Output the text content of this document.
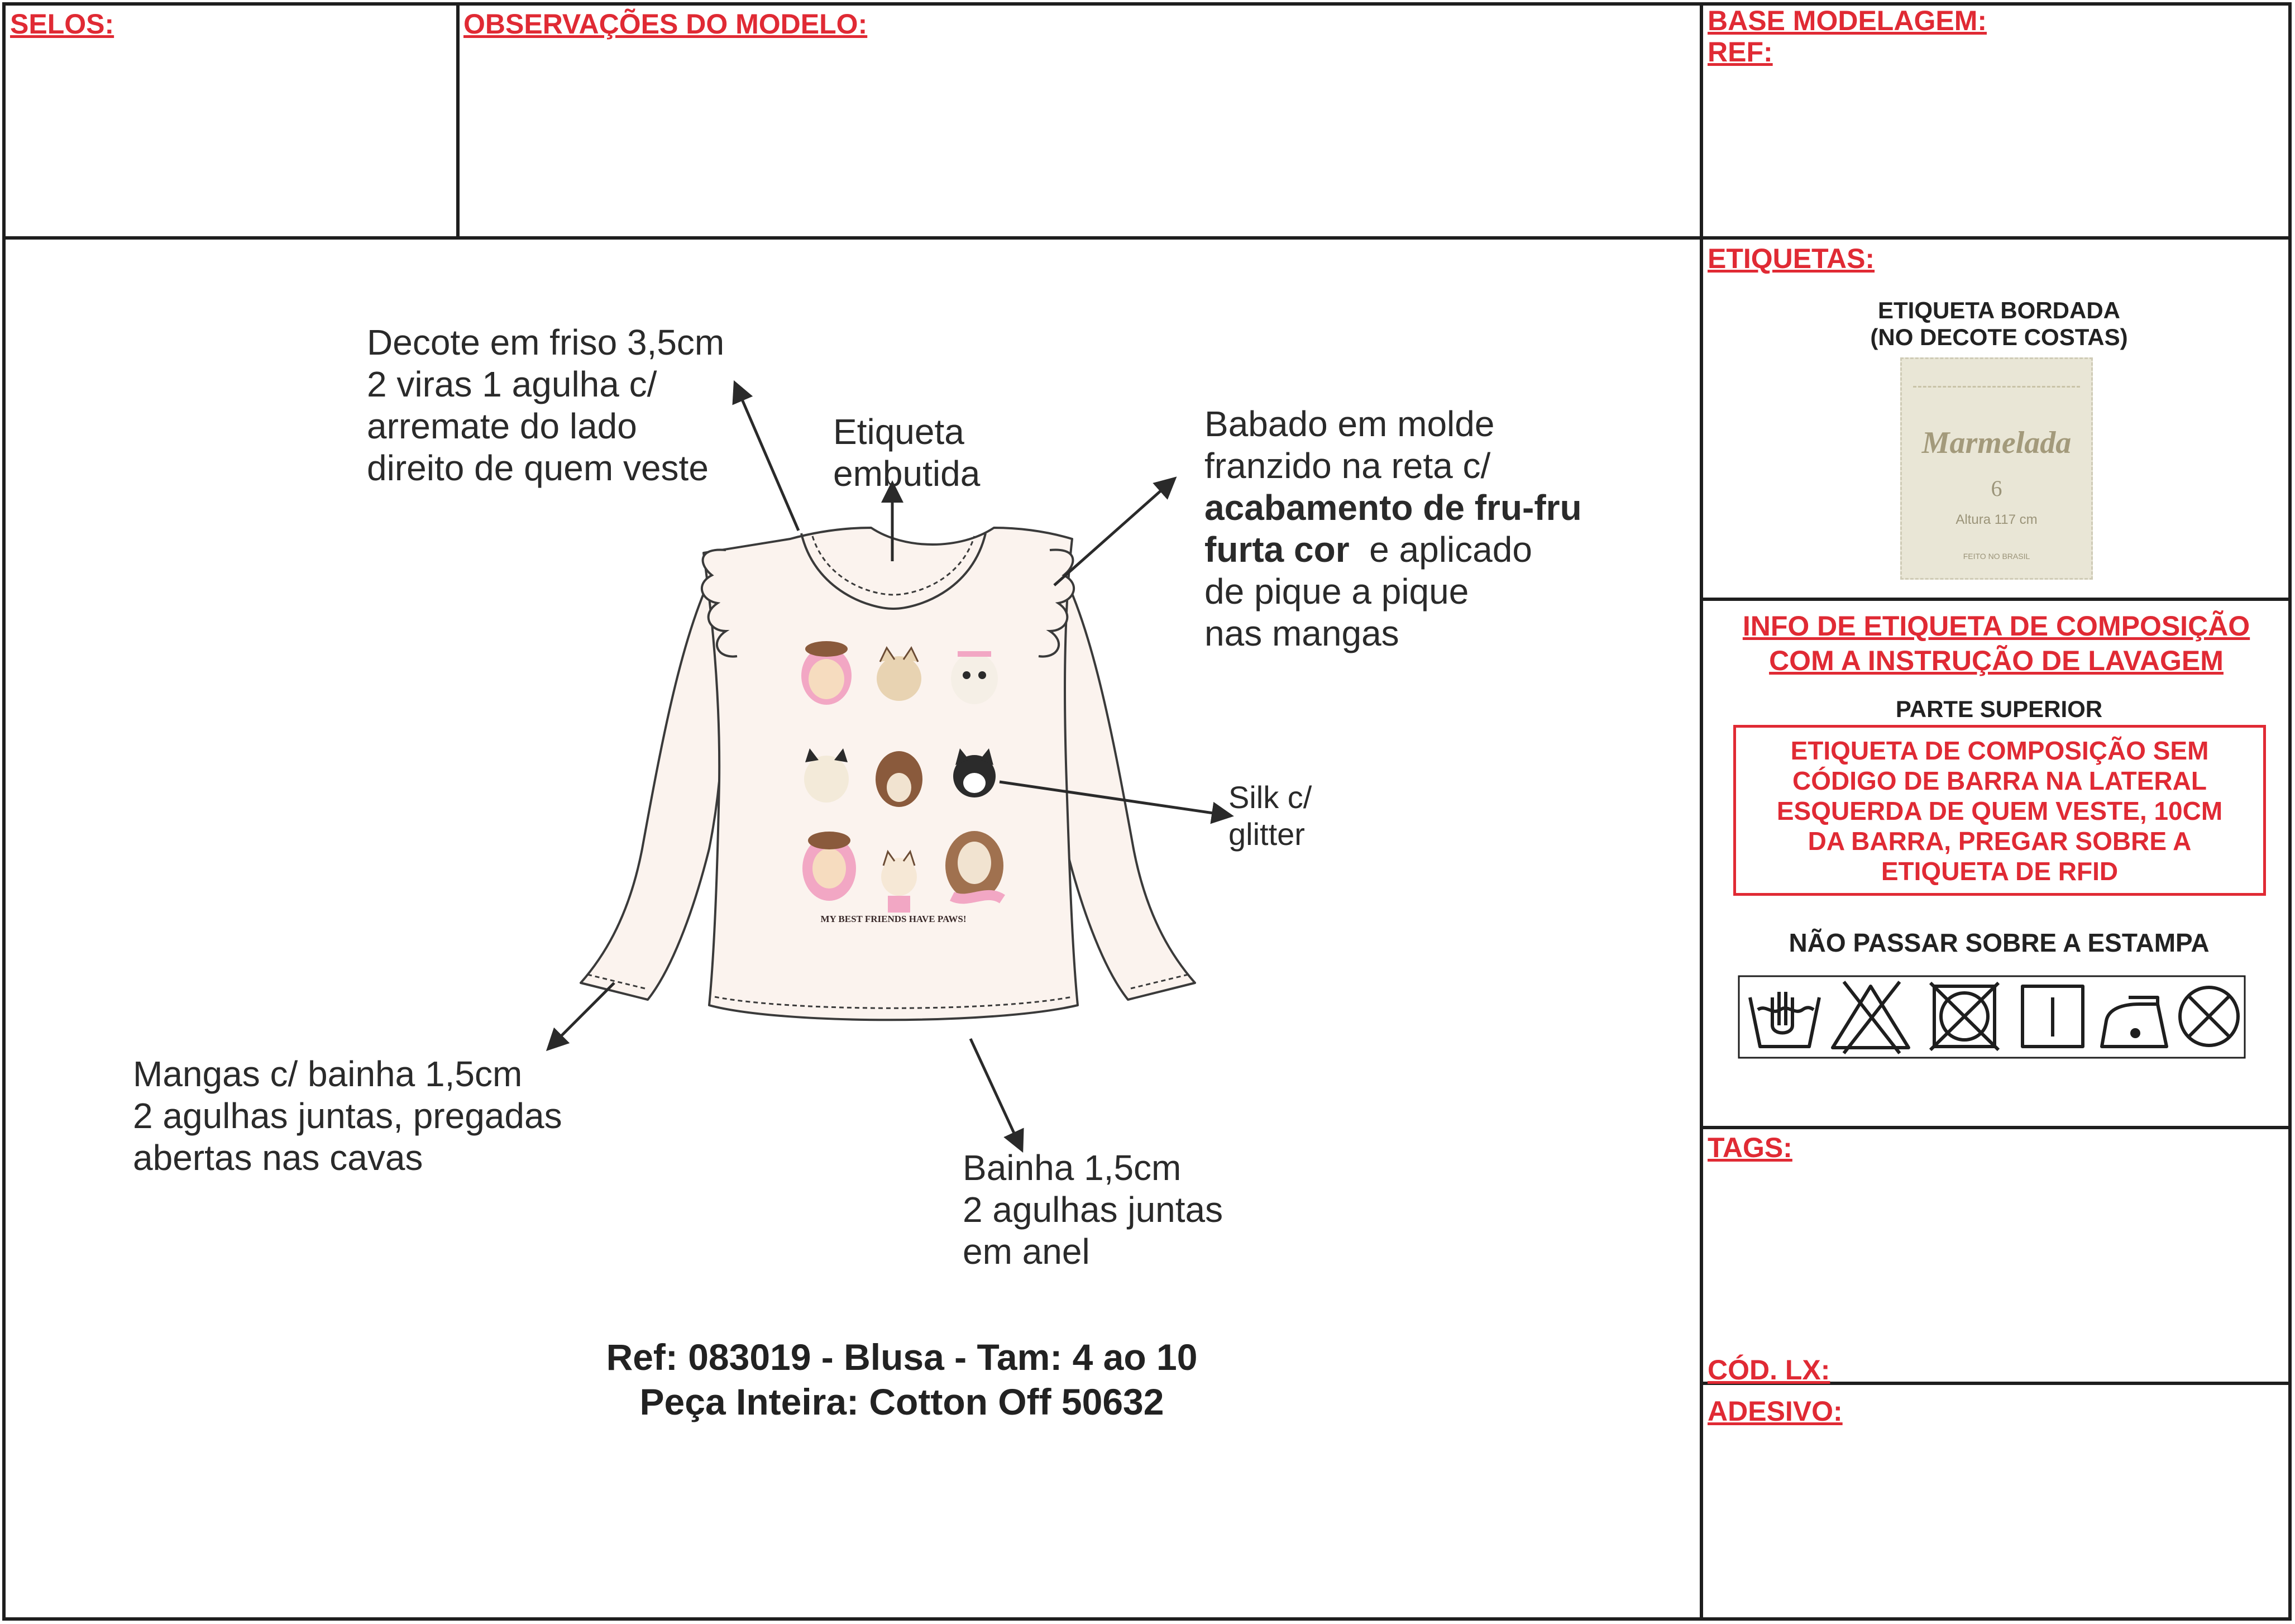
SELOS:	OBSERVAÇÕES DO MODELO:	BASE MODELAGEM:
REF:
ETIQUETAS:
TAGS:
CÓD. LX:
ADESIVO:
MY BEST FRIENDS HAVE PAWS!
Decote em friso 3,5cm
2 viras 1 agulha c/
arremate do lado
direito de quem veste
Etiqueta
embutida
Babado em molde
franzido na reta c/
acabamento de fru-fru
furta cor  e aplicado
de pique a pique
nas mangas
Silk c/
glitter
Mangas c/ bainha 1,5cm
2 agulhas juntas, pregadas
abertas nas cavas	Bainha 1,5cm
2 agulhas juntas
em anel
Ref: 083019 - Blusa - Tam: 4 ao 10
Peça Inteira: Cotton Off 50632
ETIQUETA BORDADA
(NO DECOTE COSTAS)
Marmelada
6
Altura 117 cm
FEITO NO BRASIL
INFO DE ETIQUETA DE COMPOSIÇÃO
COM A INSTRUÇÃO DE LAVAGEM
PARTE SUPERIOR
ETIQUETA DE COMPOSIÇÃO SEM
CÓDIGO DE BARRA NA LATERAL
ESQUERDA DE QUEM VESTE, 10CM
DA BARRA, PREGAR SOBRE A
ETIQUETA DE RFID
NÃO PASSAR SOBRE A ESTAMPA
